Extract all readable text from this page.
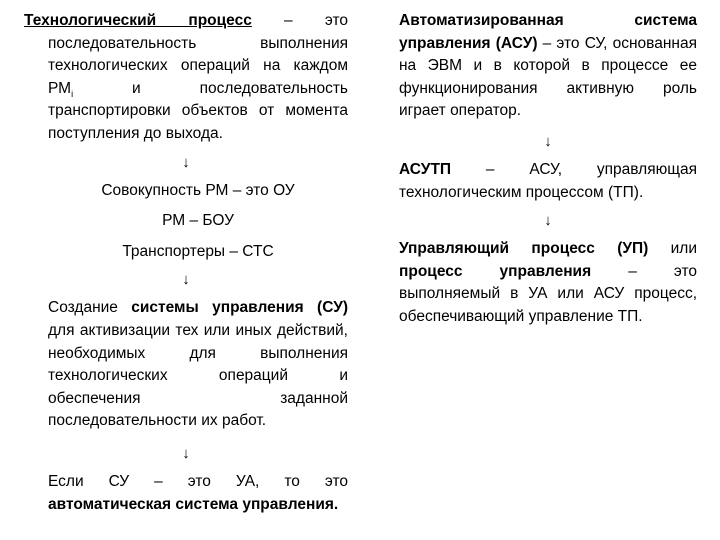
Технологический процесс – это последовательность выполнения технологических операций на каждом $РМ_i$ и последовательность транспортировки объектов от момента поступления до выхода.

↓
Совокупность РМ – это ОУ
РМ – БОУ
Транспортеры – СТС
↓

Создание системы управления (СУ) для активизации тех или иных действий, необходимых для выполнения технологических операций и обеспечения заданной последовательности их работ.

↓

Если СУ – это УА, то это автоматическая система управления.

Автоматизированная система управления (АСУ) – это СУ, основанная на ЭВМ и в которой в процессе ее функционирования активную роль играет оператор.

↓

АСУТП – АСУ, управляющая технологическим процессом (ТП).

↓

Управляющий процесс (УП) или процесс управления – это выполняемый в УА или АСУ процесс, обеспечивающий управление ТП.
